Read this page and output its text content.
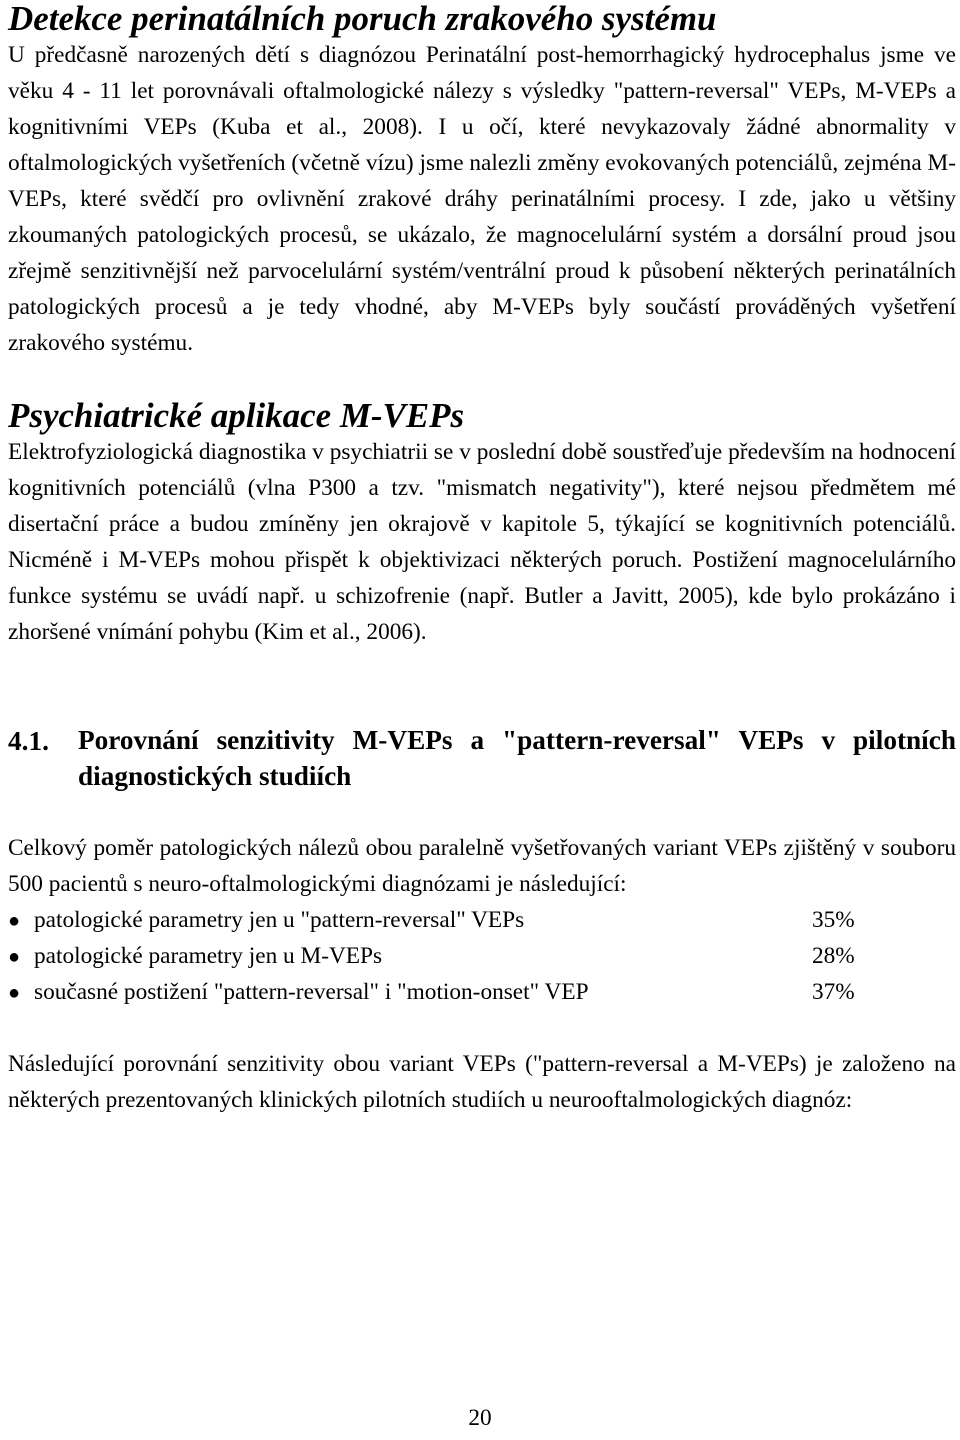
Detekce perinatálních poruch zrakového systému

U předčasně narozených dětí s diagnózou Perinatální post-hemorrhagický hydrocephalus jsme ve věku 4 - 11 let porovnávali oftalmologické nálezy s výsledky "pattern-reversal" VEPs, M-VEPs a kognitivními VEPs (Kuba et al., 2008). I u očí, které nevykazovaly žádné abnormality v oftalmologických vyšetřeních (včetně vízu) jsme nalezli změny evokovaných potenciálů, zejména M-VEPs, které svědčí pro ovlivnění zrakové dráhy perinatálními procesy. I zde, jako u většiny zkoumaných patologických procesů, se ukázalo, že magnocelulární systém a dorsální proud jsou zřejmě senzitivnější než parvocelulární systém/ventrální proud k působení některých perinatálních patologických procesů a je tedy vhodné, aby M-VEPs byly součástí prováděných vyšetření zrakového systému.

Psychiatrické aplikace M-VEPs

Elektrofyziologická diagnostika v psychiatrii se v poslední době soustřeďuje především na hodnocení kognitivních potenciálů (vlna P300 a tzv. "mismatch negativity"), které nejsou předmětem mé disertační práce a budou zmíněny jen okrajově v kapitole 5, týkající se kognitivních potenciálů. Nicméně i M-VEPs mohou přispět k objektivizaci některých poruch. Postižení magnocelulárního funkce systému se uvádí např. u schizofrenie (např. Butler a Javitt, 2005), kde bylo prokázáno i zhoršené vnímání pohybu (Kim et al., 2006).

4.1.	Porovnání senzitivity M-VEPs a "pattern-reversal" VEPs v pilotních diagnostických studiích

Celkový poměr patologických nálezů obou paralelně vyšetřovaných variant VEPs zjištěný v souboru 500 pacientů s neuro-oftalmologickými diagnózami je následující:

● patologické parametry jen u "pattern-reversal" VEPs	35%
● patologické parametry jen u M-VEPs	28%
● současné postižení "pattern-reversal" i "motion-onset" VEP	37%

Následující porovnání senzitivity obou variant VEPs ("pattern-reversal a M-VEPs) je založeno na některých prezentovaných klinických pilotních studiích u neurooftalmologických diagnóz:

20
